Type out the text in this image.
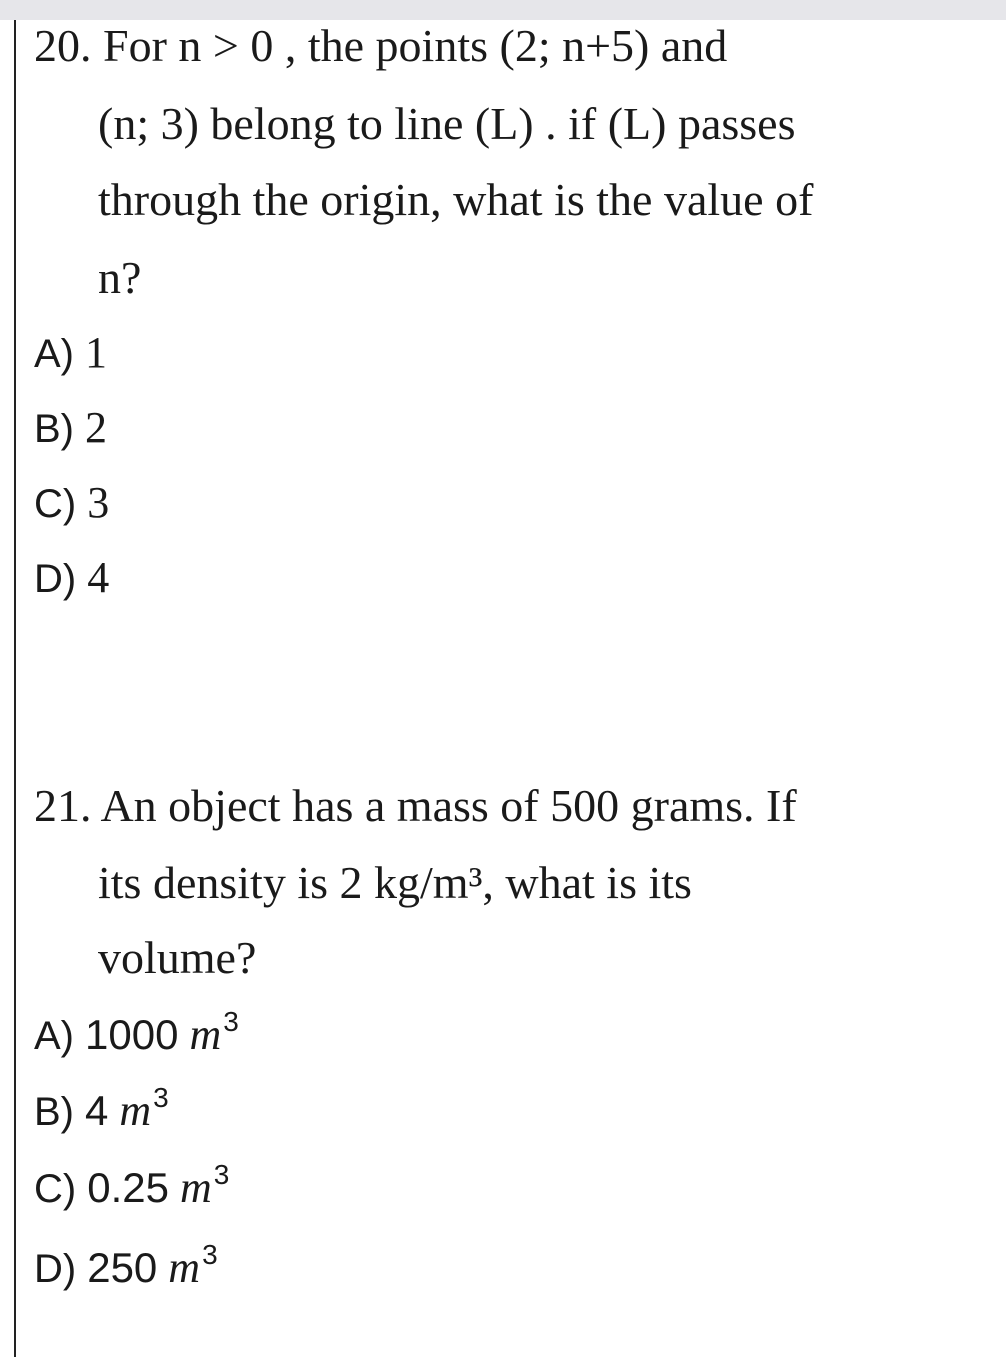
20. For n > 0 , the points (2; n+5) and
(n; 3) belong to line (L) . if (L) passes
through the origin, what is the value of
n?
A) 1
B) 2
C) 3
D) 4
21. An object has a mass of 500 grams. If
its density is 2 kg/m³, what is its
volume?
A) 1000 $m^3$
B) 4 $m^3$
C) 0.25 $m^3$
D) 250 $m^3$
